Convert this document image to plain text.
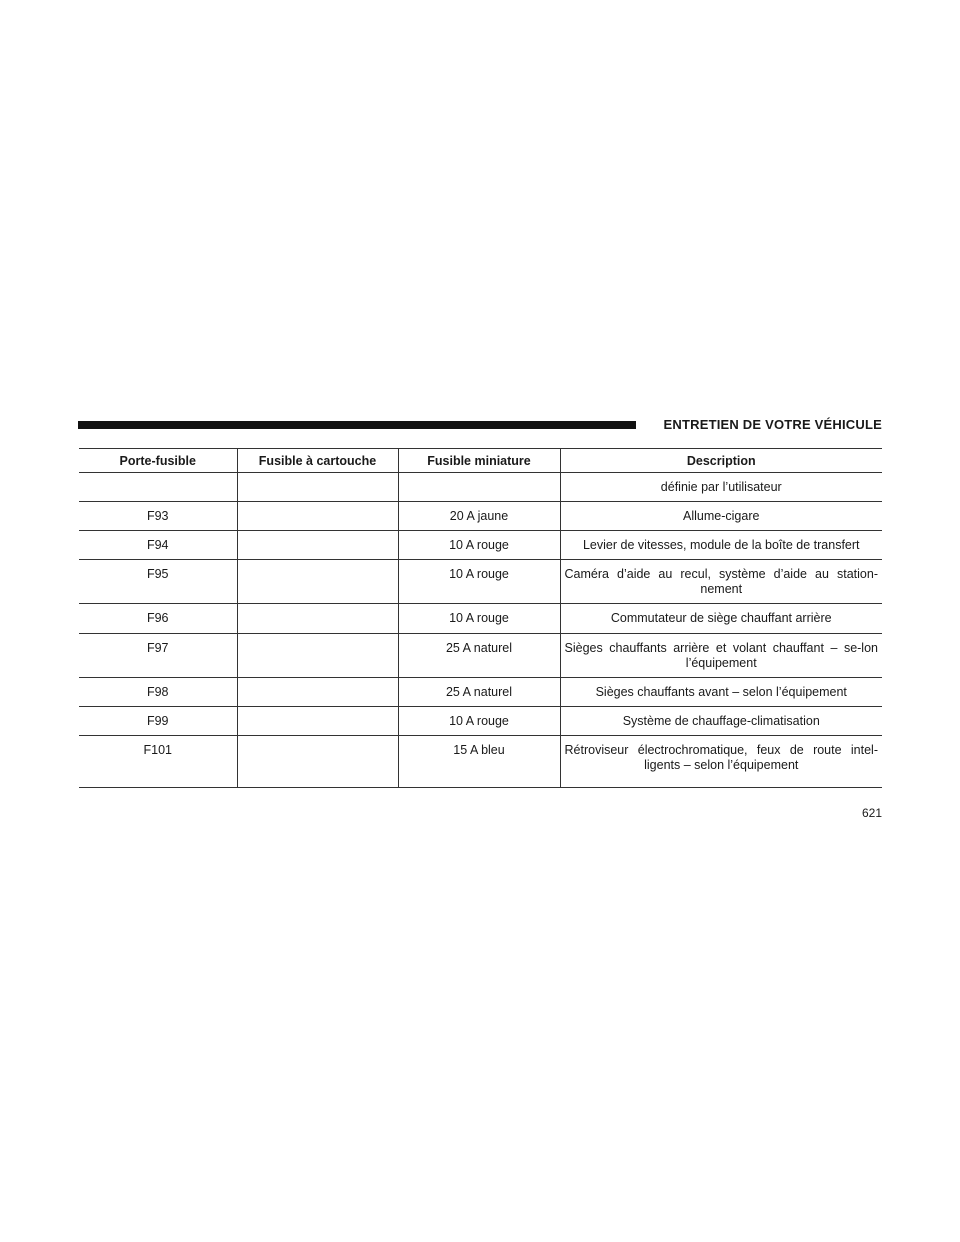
ENTRETIEN DE VOTRE VÉHICULE
Porte-fusible	Fusible à cartouche	Fusible miniature	Description
			définie par l’utilisateur
F93		20 A jaune	Allume-cigare
F94		10 A rouge	Levier de vitesses, module de la boîte de transfert
F95		10 A rouge	Caméra d’aide au recul, système d’aide au station-nement
F96		10 A rouge	Commutateur de siège chauffant arrière
F97		25 A naturel	Sièges chauffants arrière et volant chauffant – se-lon l’équipement
F98		25 A naturel	Sièges chauffants avant – selon l’équipement
F99		10 A rouge	Système de chauffage-climatisation
F101		15 A bleu	Rétroviseur électrochromatique, feux de route intel-ligents – selon l’équipement
621
